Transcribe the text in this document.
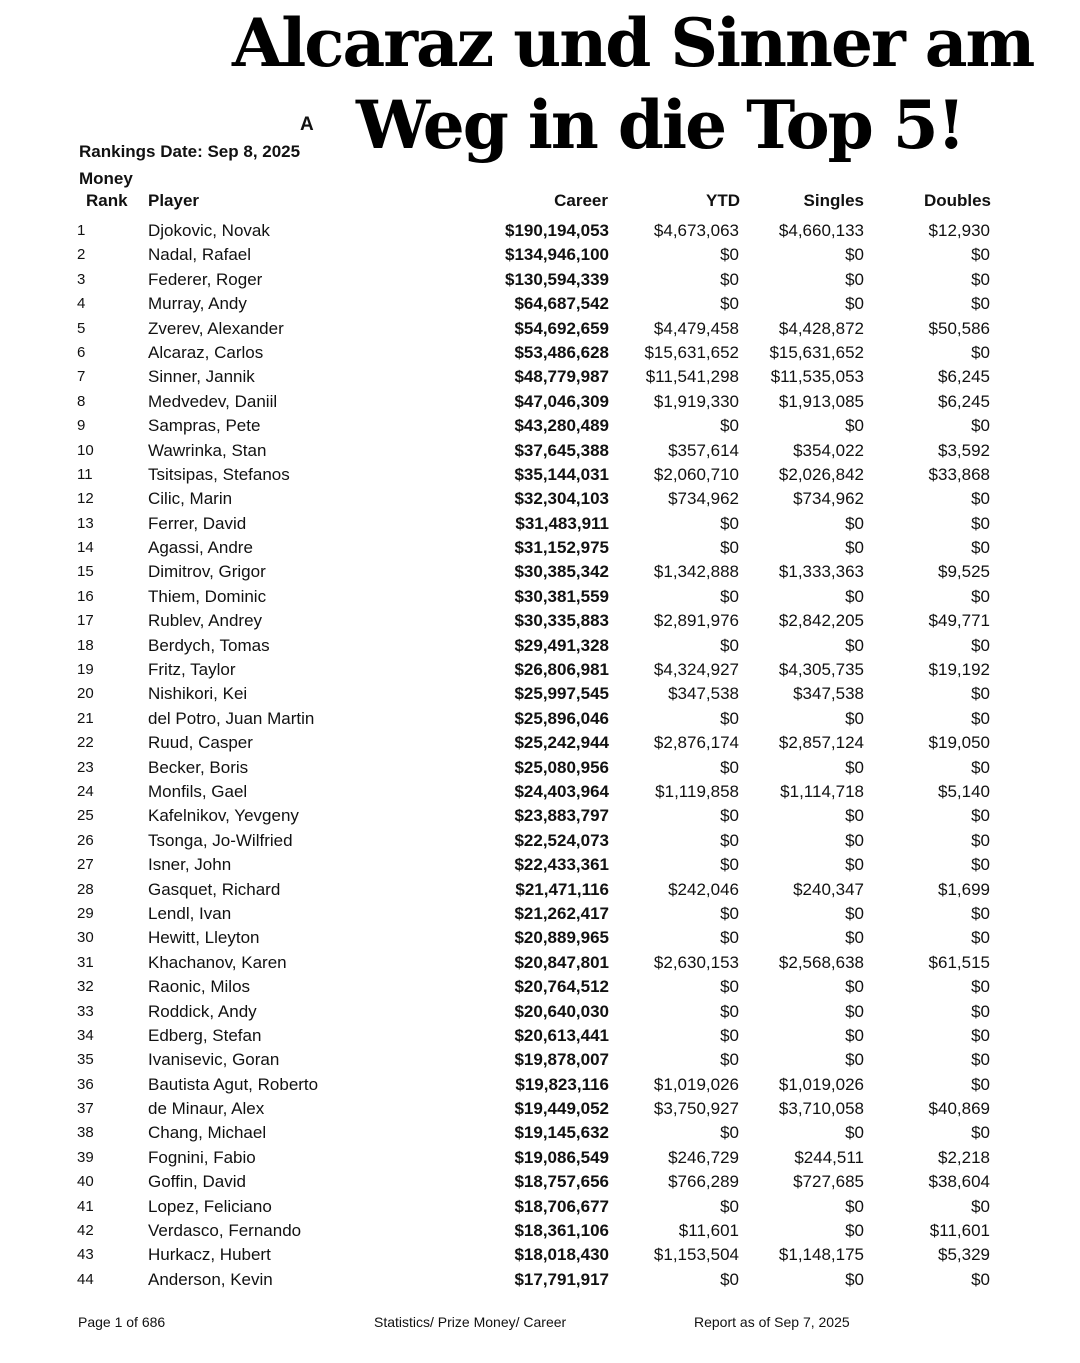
A
Rankings Date: Sep 8, 2025
Alcaraz und Sinner am
Weg in die Top 5!
Money
Rank Player	Career	YTD	Singles	Doubles
1	Djokovic, Novak	$190,194,053	$4,673,063	$4,660,133	$12,930
2	Nadal, Rafael	$134,946,100	$0	$0	$0
3	Federer, Roger	$130,594,339	$0	$0	$0
4	Murray, Andy	$64,687,542	$0	$0	$0
5	Zverev, Alexander	$54,692,659	$4,479,458	$4,428,872	$50,586
6	Alcaraz, Carlos	$53,486,628	$15,631,652	$15,631,652	$0
7	Sinner, Jannik	$48,779,987	$11,541,298	$11,535,053	$6,245
8	Medvedev, Daniil	$47,046,309	$1,919,330	$1,913,085	$6,245
9	Sampras, Pete	$43,280,489	$0	$0	$0
10	Wawrinka, Stan	$37,645,388	$357,614	$354,022	$3,592
11	Tsitsipas, Stefanos	$35,144,031	$2,060,710	$2,026,842	$33,868
12	Cilic, Marin	$32,304,103	$734,962	$734,962	$0
13	Ferrer, David	$31,483,911	$0	$0	$0
14	Agassi, Andre	$31,152,975	$0	$0	$0
15	Dimitrov, Grigor	$30,385,342	$1,342,888	$1,333,363	$9,525
16	Thiem, Dominic	$30,381,559	$0	$0	$0
17	Rublev, Andrey	$30,335,883	$2,891,976	$2,842,205	$49,771
18	Berdych, Tomas	$29,491,328	$0	$0	$0
19	Fritz, Taylor	$26,806,981	$4,324,927	$4,305,735	$19,192
20	Nishikori, Kei	$25,997,545	$347,538	$347,538	$0
21	del Potro, Juan Martin	$25,896,046	$0	$0	$0
22	Ruud, Casper	$25,242,944	$2,876,174	$2,857,124	$19,050
23	Becker, Boris	$25,080,956	$0	$0	$0
24	Monfils, Gael	$24,403,964	$1,119,858	$1,114,718	$5,140
25	Kafelnikov, Yevgeny	$23,883,797	$0	$0	$0
26	Tsonga, Jo-Wilfried	$22,524,073	$0	$0	$0
27	Isner, John	$22,433,361	$0	$0	$0
28	Gasquet, Richard	$21,471,116	$242,046	$240,347	$1,699
29	Lendl, Ivan	$21,262,417	$0	$0	$0
30	Hewitt, Lleyton	$20,889,965	$0	$0	$0
31	Khachanov, Karen	$20,847,801	$2,630,153	$2,568,638	$61,515
32	Raonic, Milos	$20,764,512	$0	$0	$0
33	Roddick, Andy	$20,640,030	$0	$0	$0
34	Edberg, Stefan	$20,613,441	$0	$0	$0
35	Ivanisevic, Goran	$19,878,007	$0	$0	$0
36	Bautista Agut, Roberto	$19,823,116	$1,019,026	$1,019,026	$0
37	de Minaur, Alex	$19,449,052	$3,750,927	$3,710,058	$40,869
38	Chang, Michael	$19,145,632	$0	$0	$0
39	Fognini, Fabio	$19,086,549	$246,729	$244,511	$2,218
40	Goffin, David	$18,757,656	$766,289	$727,685	$38,604
41	Lopez, Feliciano	$18,706,677	$0	$0	$0
42	Verdasco, Fernando	$18,361,106	$11,601	$0	$11,601
43	Hurkacz, Hubert	$18,018,430	$1,153,504	$1,148,175	$5,329
44	Anderson, Kevin	$17,791,917	$0	$0	$0
Page 1 of 686	Statistics/ Prize Money/ Career	Report as of Sep 7, 2025
